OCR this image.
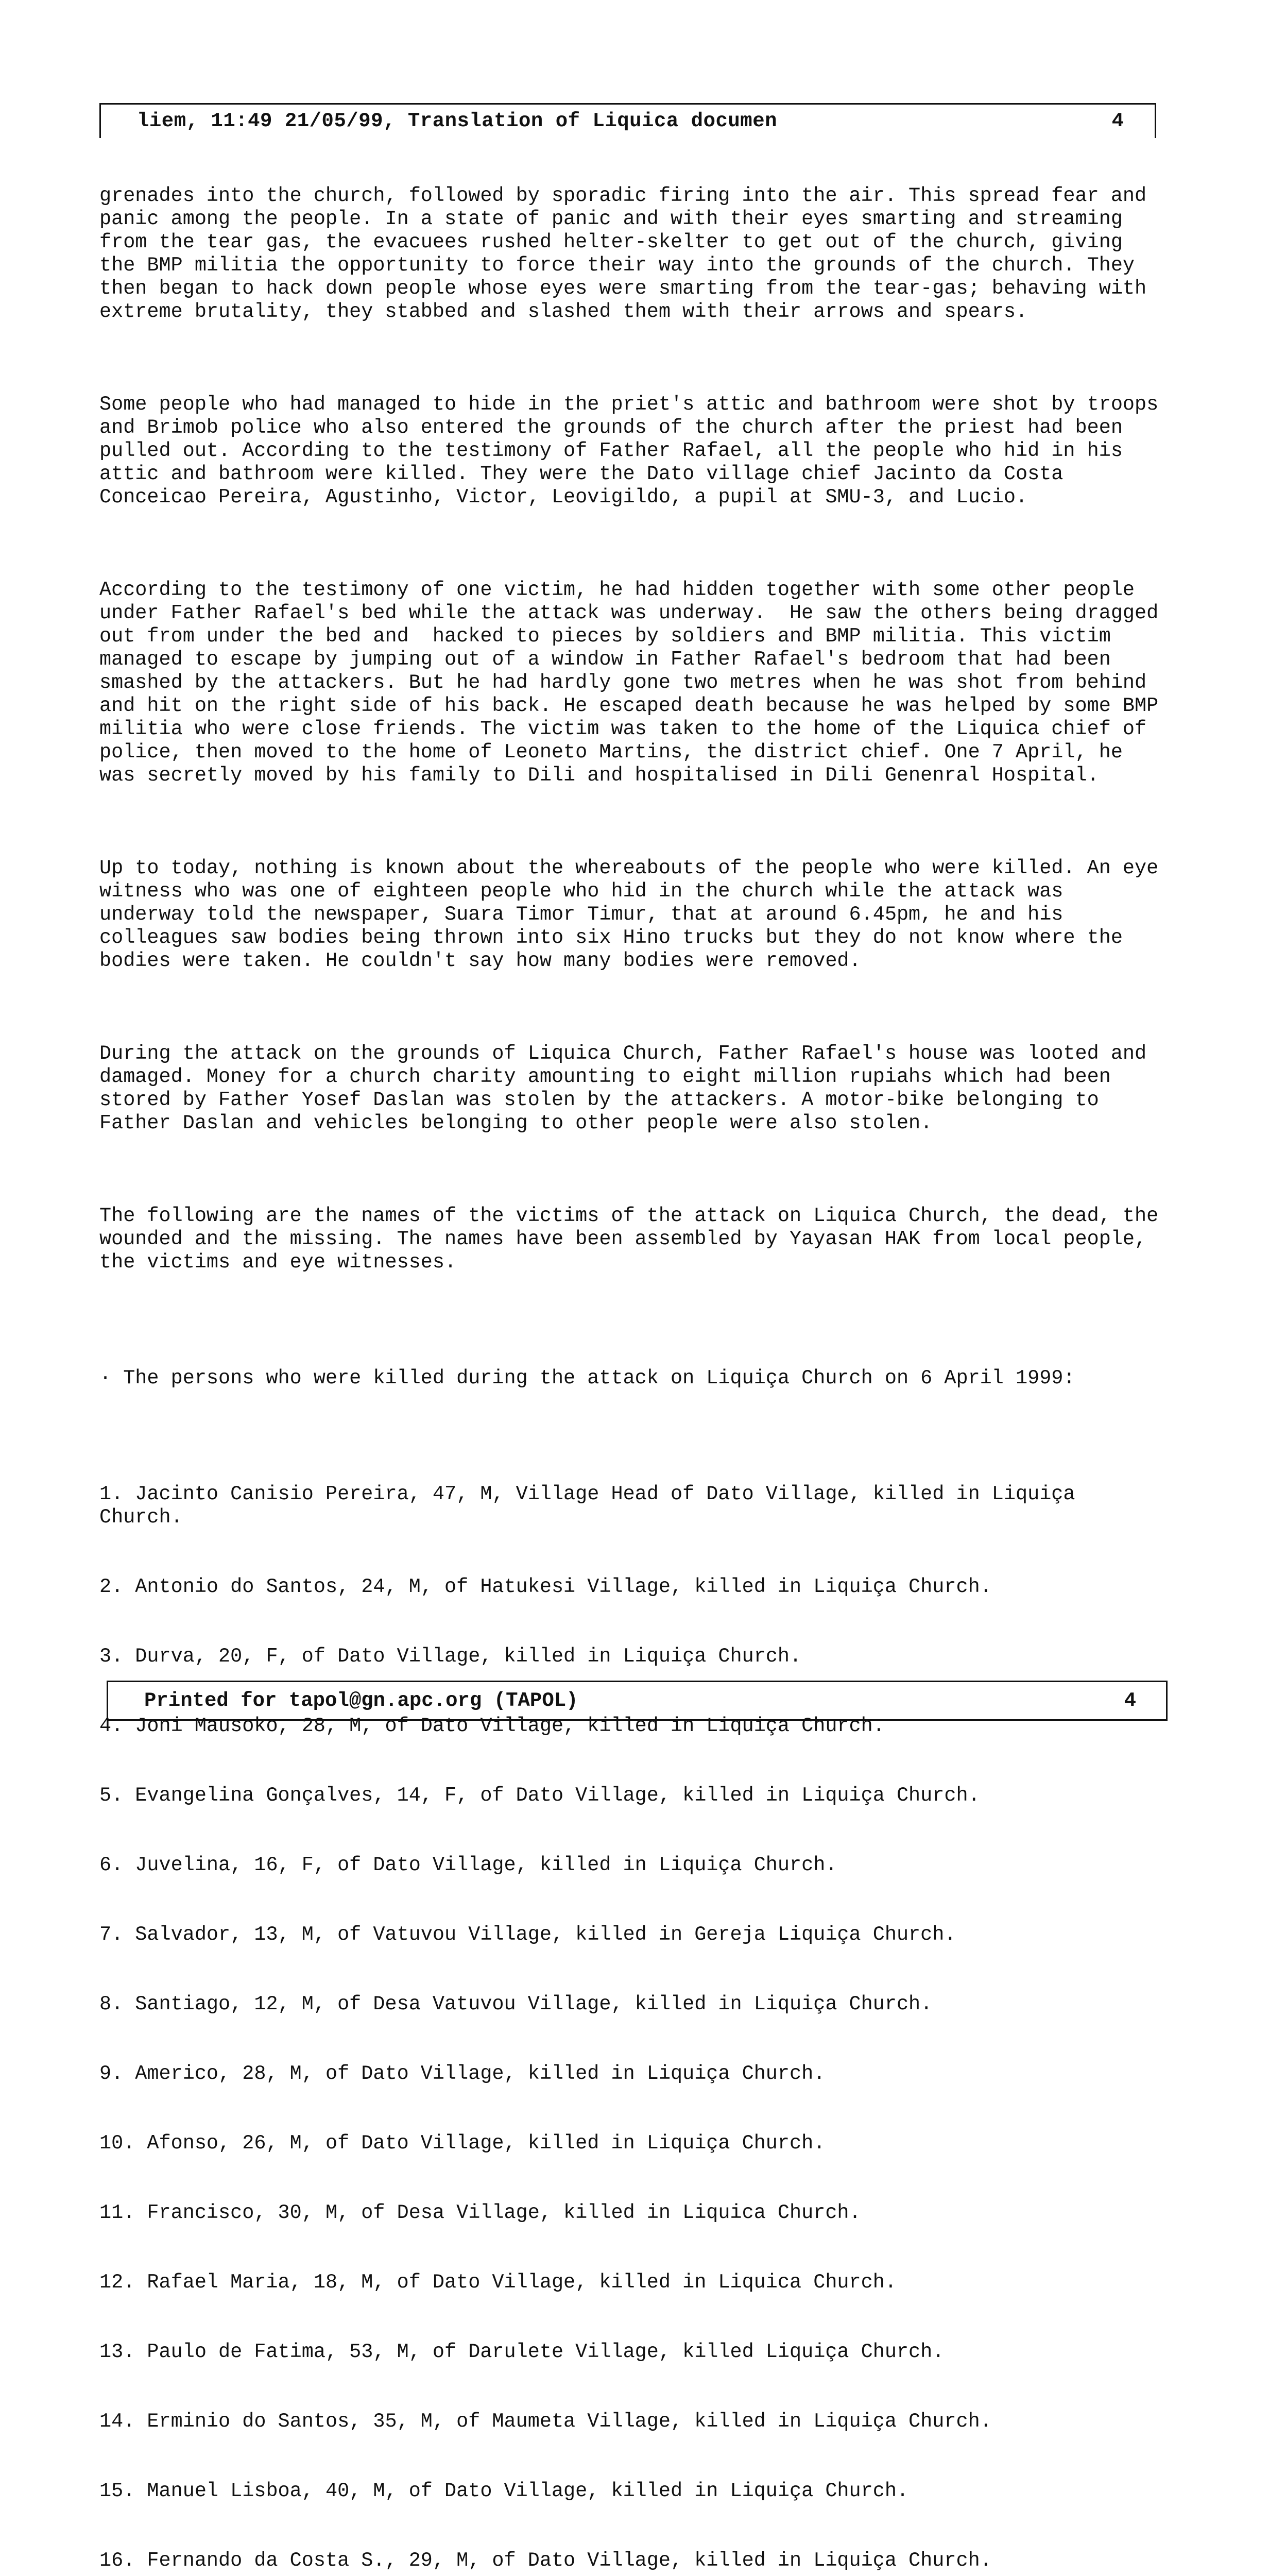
liem, 11:49 21/05/99, Translation of Liquica documen	4

grenades into the church, followed by sporadic firing into the air. This spread fear and panic among the people. In a state of panic and with their eyes smarting and streaming from the tear gas, the evacuees rushed helter-skelter to get out of the church, giving the BMP militia the opportunity to force their way into the grounds of the church. They then began to hack down people whose eyes were smarting from the tear-gas; behaving with extreme brutality, they stabbed and slashed them with their arrows and spears.

Some people who had managed to hide in the priet's attic and bathroom were shot by troops and Brimob police who also entered the grounds of the church after the priest had been pulled out. According to the testimony of Father Rafael, all the people who hid in his attic and bathroom were killed. They were the Dato village chief Jacinto da Costa Conceicao Pereira, Agustinho, Victor, Leovigildo, a pupil at SMU-3, and Lucio.

According to the testimony of one victim, he had hidden together with some other people under Father Rafael's bed while the attack was underway.  He saw the others being dragged out from under the bed and  hacked to pieces by soldiers and BMP militia. This victim managed to escape by jumping out of a window in Father Rafael's bedroom that had been smashed by the attackers. But he had hardly gone two metres when he was shot from behind and hit on the right side of his back. He escaped death because he was helped by some BMP militia who were close friends. The victim was taken to the home of the Liquica chief of police, then moved to the home of Leoneto Martins, the district chief. One 7 April, he was secretly moved by his family to Dili and hospitalised in Dili Genenral Hospital.

Up to today, nothing is known about the whereabouts of the people who were killed. An eye witness who was one of eighteen people who hid in the church while the attack was underway told the newspaper, Suara Timor Timur, that at around 6.45pm, he and his colleagues saw bodies being thrown into six Hino trucks but they do not know where the bodies were taken. He couldn't say how many bodies were removed.

During the attack on the grounds of Liquica Church, Father Rafael's house was looted and damaged. Money for a church charity amounting to eight million rupiahs which had been stored by Father Yosef Daslan was stolen by the attackers. A motor-bike belonging to Father Daslan and vehicles belonging to other people were also stolen.

The following are the names of the victims of the attack on Liquica Church, the dead, the wounded and the missing. The names have been assembled by Yayasan HAK from local people, the victims and eye witnesses.

· The persons who were killed during the attack on Liquiça Church on 6 April 1999:

1. Jacinto Canisio Pereira, 47, M, Village Head of Dato Village, killed in Liquiça Church.

2. Antonio do Santos, 24, M, of Hatukesi Village, killed in Liquiça Church.

3. Durva, 20, F, of Dato Village, killed in Liquiça Church.

4. Joni Mausoko, 28, M, of Dato Village, killed in Liquiça Church.

5. Evangelina Gonçalves, 14, F, of Dato Village, killed in Liquiça Church.

6. Juvelina, 16, F, of Dato Village, killed in Liquiça Church.

7. Salvador, 13, M, of Vatuvou Village, killed in Gereja Liquiça Church.

8. Santiago, 12, M, of Desa Vatuvou Village, killed in Liquiça Church.

9. Americo, 28, M, of Dato Village, killed in Liquiça Church.

10. Afonso, 26, M, of Dato Village, killed in Liquiça Church.

11. Francisco, 30, M, of Desa Village, killed in Liquica Church.

12. Rafael Maria, 18, M, of Dato Village, killed in Liquica Church.

13. Paulo de Fatima, 53, M, of Darulete Village, killed Liquiça Church.

14. Erminio do Santos, 35, M, of Maumeta Village, killed in Liquiça Church.

15. Manuel Lisboa, 40, M, of Dato Village, killed in Liquiça Church.

16. Fernando da Costa S., 29, M, of Dato Village, killed in Liquiça Church.

Printed for tapol@gn.apc.org (TAPOL)	4
